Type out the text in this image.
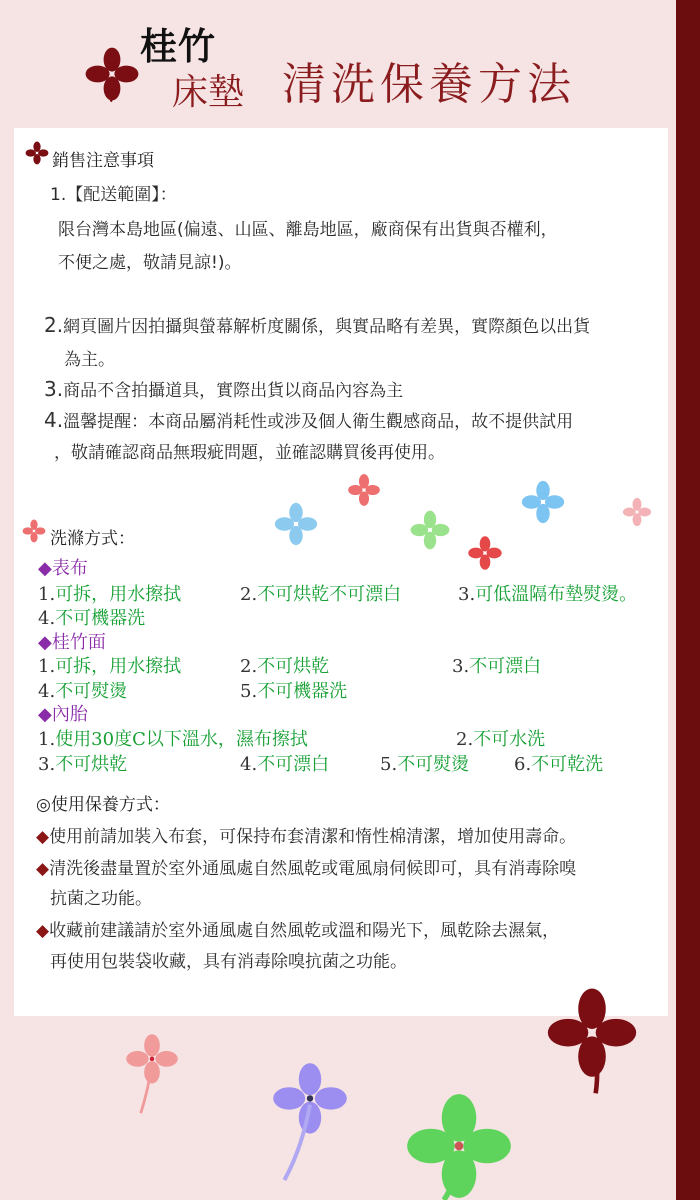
桂竹
床墊 清洗保養方法
銷售注意事項
1.【配送範圍】：
限台灣本島地區(偏遠、山區、離島地區，廠商保有出貨與否權利，
不便之處，敬請見諒!)。
2.網頁圖片因拍攝與螢幕解析度關係，與實品略有差異，實際顏色以出貨
為主。
3.商品不含拍攝道具，實際出貨以商品內容為主
4.溫馨提醒：本商品屬消耗性或涉及個人衛生觀感商品，故不提供試用
，敬請確認商品無瑕疵問題，並確認購買後再使用。
洗滌方式：
◆表布
1.可拆，用水擦拭	2.不可烘乾不可漂白	3.可低溫隔布墊熨燙。
4.不可機器洗
◆桂竹面
1.可拆，用水擦拭	2.不可烘乾	3.不可漂白
4.不可熨燙	5.不可機器洗
◆內胎
1.使用30度C以下溫水，濕布擦拭	2.不可水洗
3.不可烘乾	4.不可漂白	5.不可熨燙 6.不可乾洗
◎使用保養方式：
◆使用前請加裝入布套，可保持布套清潔和惰性棉清潔，增加使用壽命。
◆清洗後盡量置於室外通風處自然風乾或電風扇伺候即可，具有消毒除嗅
抗菌之功能。
◆收藏前建議請於室外通風處自然風乾或溫和陽光下，風乾除去濕氣，
再使用包裝袋收藏，具有消毒除嗅抗菌之功能。
